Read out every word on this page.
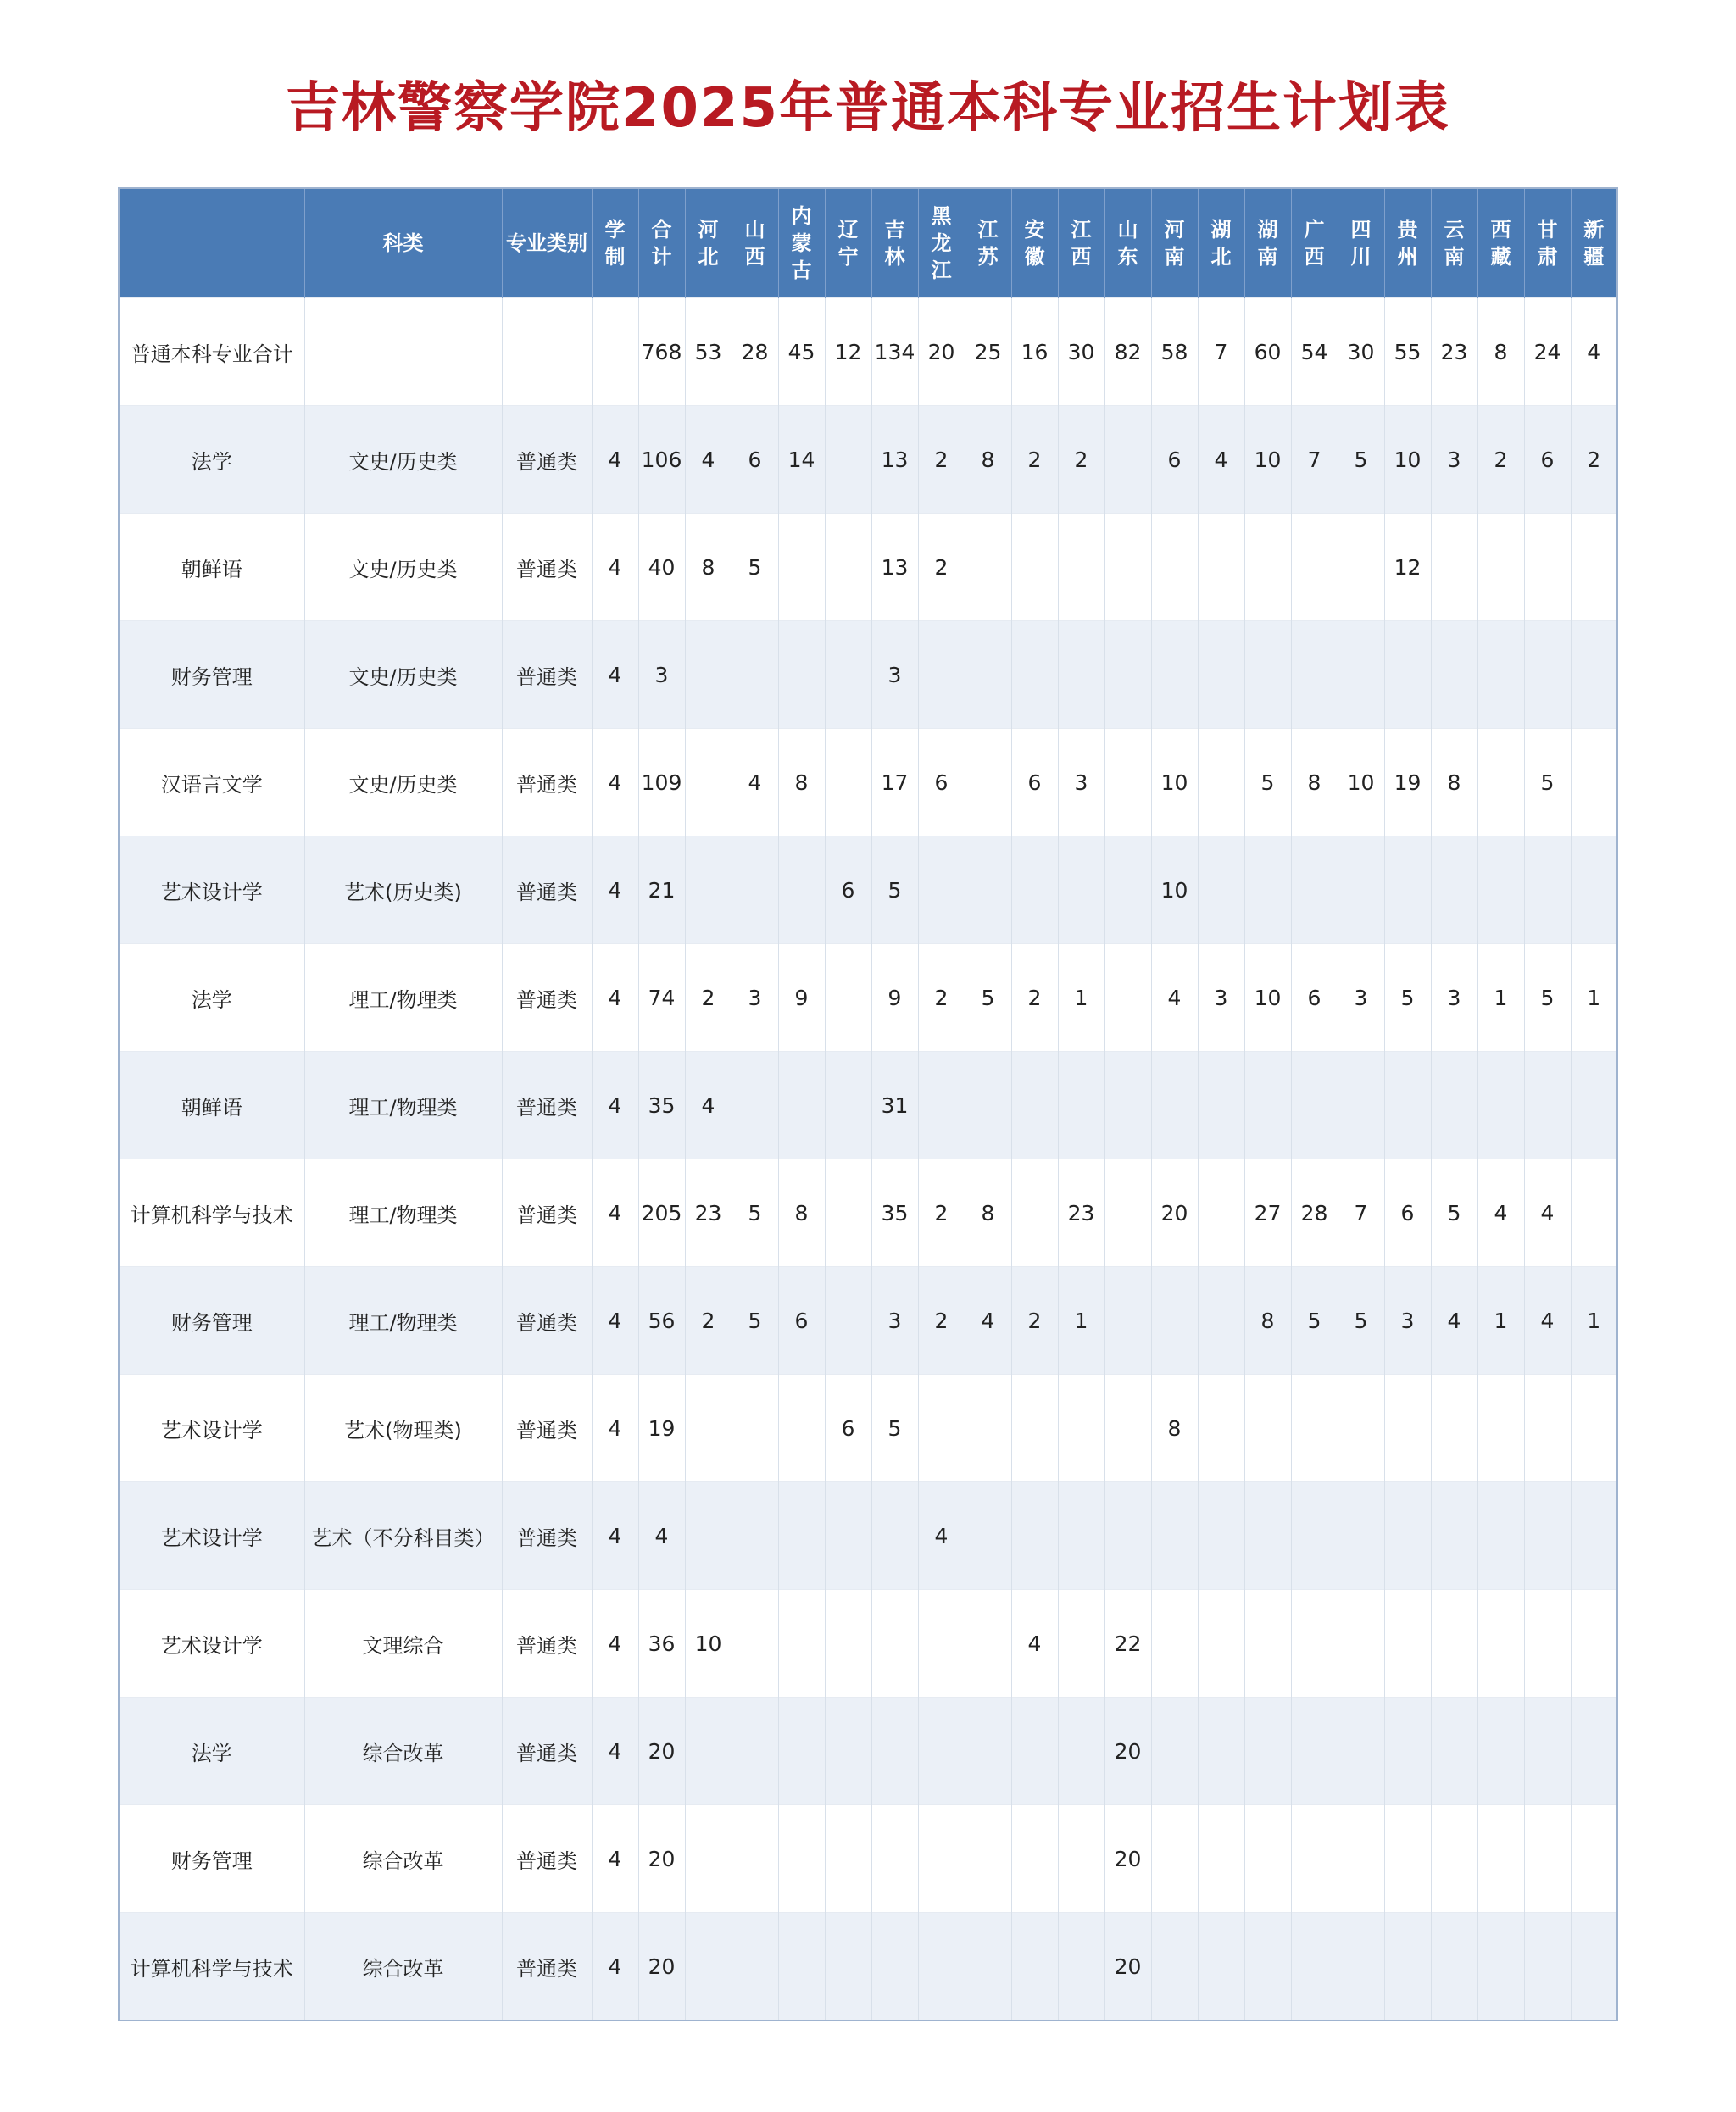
吉林警察学院2025年普通本科专业招生计划表
	科类	专业类别	学制	合计	河北	山西	内蒙古	辽宁	吉林	黑龙江	江苏	安徽	江西	山东	河南	湖北	湖南	广西	四川	贵州	云南	西藏	甘肃	新疆
普通本科专业合计				768	53	28	45	12	134	20	25	16	30	82	58	7	60	54	30	55	23	8	24	4
法学	文史/历史类	普通类	4	106	4	6	14		13	2	8	2	2		6	4	10	7	5	10	3	2	6	2
朝鲜语	文史/历史类	普通类	4	40	8	5			13	2										12				
财务管理	文史/历史类	普通类	4	3					3															
汉语言文学	文史/历史类	普通类	4	109		4	8		17	6		6	3		10		5	8	10	19	8		5	
艺术设计学	艺术(历史类)	普通类	4	21				6	5						10									
法学	理工/物理类	普通类	4	74	2	3	9		9	2	5	2	1		4	3	10	6	3	5	3	1	5	1
朝鲜语	理工/物理类	普通类	4	35	4				31															
计算机科学与技术	理工/物理类	普通类	4	205	23	5	8		35	2	8		23		20		27	28	7	6	5	4	4	
财务管理	理工/物理类	普通类	4	56	2	5	6		3	2	4	2	1				8	5	5	3	4	1	4	1
艺术设计学	艺术(物理类)	普通类	4	19				6	5						8									
艺术设计学	艺术（不分科目类）	普通类	4	4						4														
艺术设计学	文理综合	普通类	4	36	10							4		22										
法学	综合改革	普通类	4	20										20										
财务管理	综合改革	普通类	4	20										20										
计算机科学与技术	综合改革	普通类	4	20										20										
